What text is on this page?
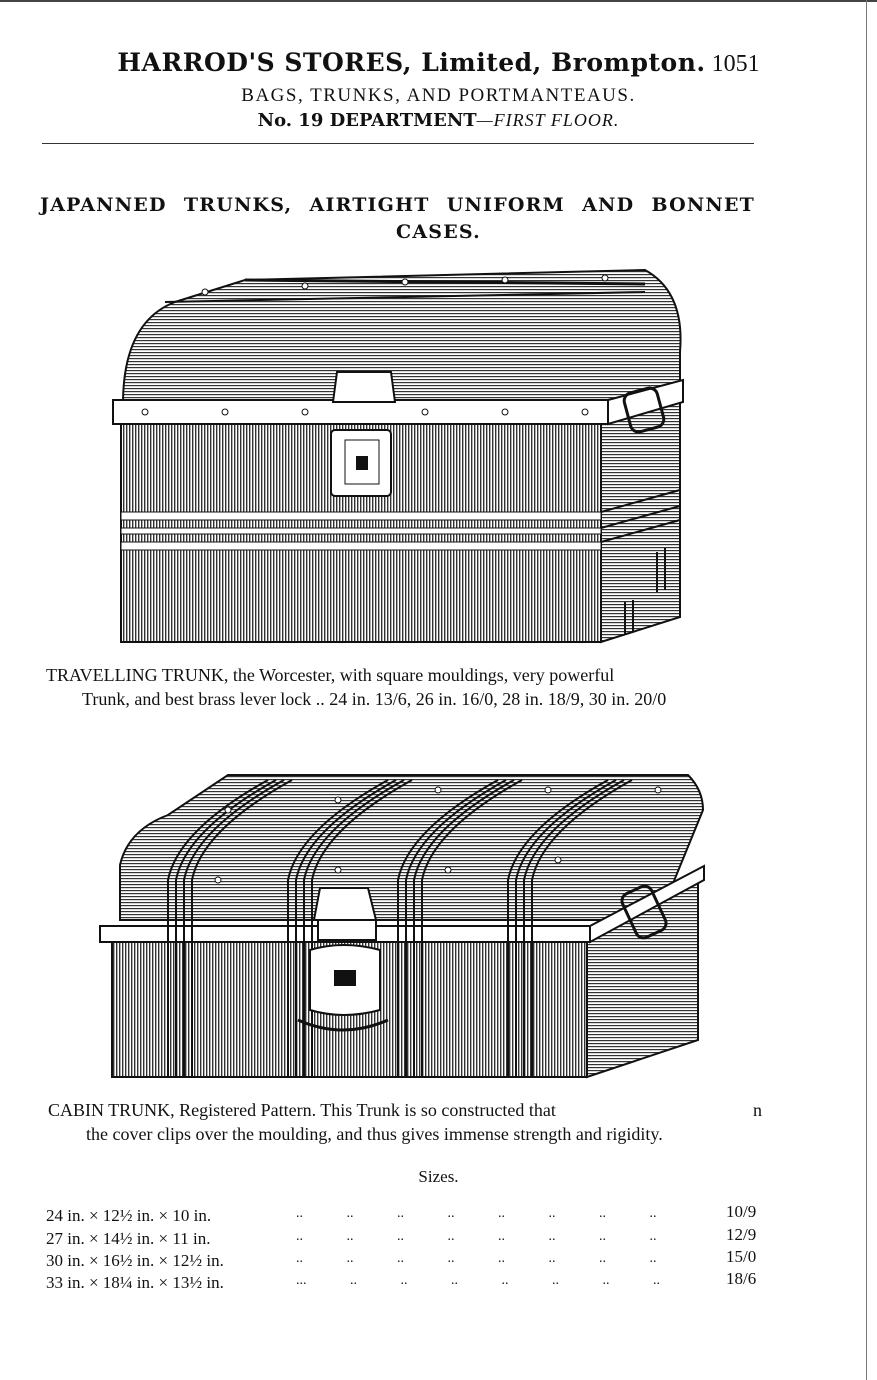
HARROD'S STORES, Limited, Brompton. 1051
BAGS, TRUNKS, AND PORTMANTEAUS.
No. 19 DEPARTMENT—FIRST FLOOR.
JAPANNED TRUNKS, AIRTIGHT UNIFORM AND BONNET
CASES.
TRAVELLING TRUNK, the Worcester, with square mouldings, very powerful
Trunk, and best brass lever lock .. 24 in. 13/6, 26 in. 16/0, 28 in. 18/9, 30 in. 20/0
CABIN TRUNK, Registered Pattern. This Trunk is so constructed that	n
the cover clips over the moulding, and thus gives immense strength and rigidity.
Sizes.
24 in. × 12½ in. × 10 in.	.. .. .. .. .. .. .. ..	10/9
27 in. × 14½ in. × 11 in.	.. .. .. .. .. .. .. ..	12/9
30 in. × 16½ in. × 12½ in.	.. .. .. .. .. .. .. ..	15/0
33 in. × 18¼ in. × 13½ in.	... .. .. .. .. .. .. ..	18/6
